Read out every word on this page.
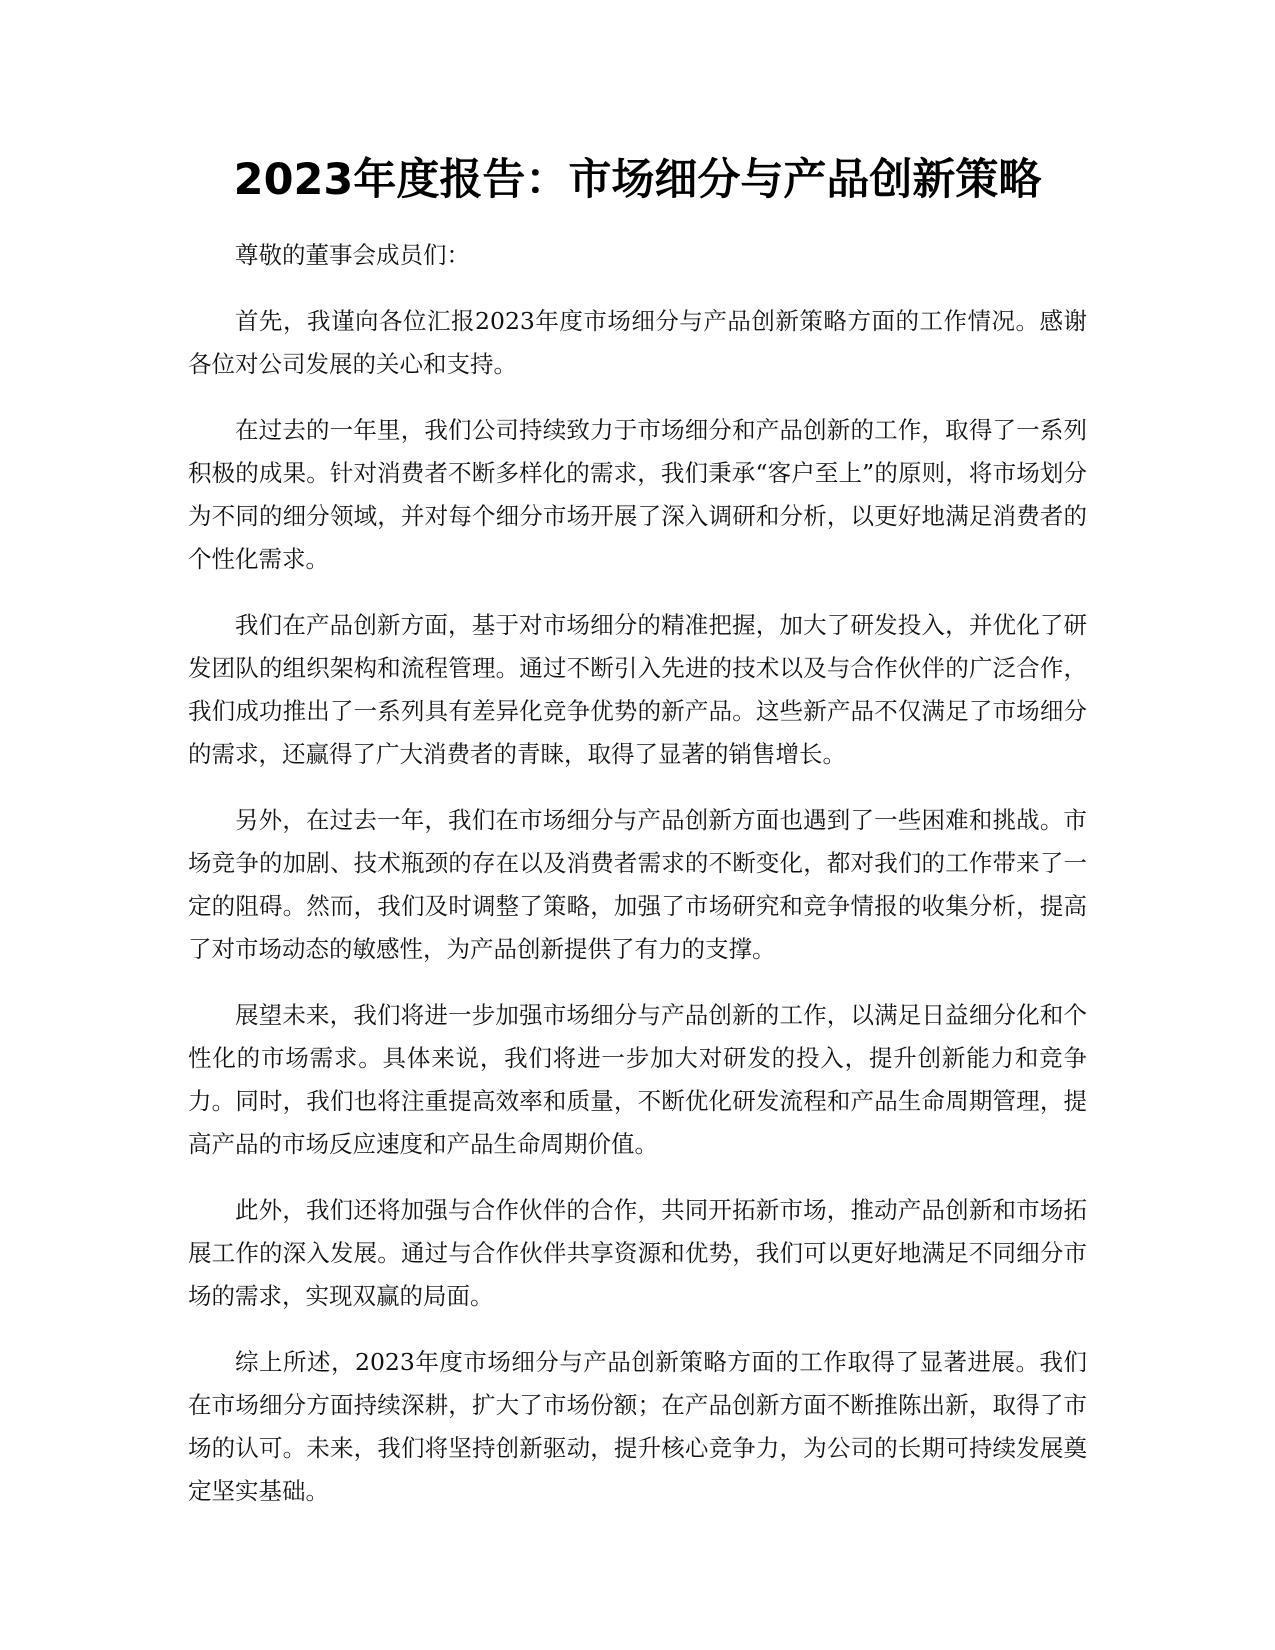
2023年度报告：市场细分与产品创新策略

尊敬的董事会成员们：

首先，我谨向各位汇报2023年度市场细分与产品创新策略方面的工作情况。感谢各位对公司发展的关心和支持。

在过去的一年里，我们公司持续致力于市场细分和产品创新的工作，取得了一系列积极的成果。针对消费者不断多样化的需求，我们秉承“客户至上”的原则，将市场划分为不同的细分领域，并对每个细分市场开展了深入调研和分析，以更好地满足消费者的个性化需求。

我们在产品创新方面，基于对市场细分的精准把握，加大了研发投入，并优化了研发团队的组织架构和流程管理。通过不断引入先进的技术以及与合作伙伴的广泛合作，我们成功推出了一系列具有差异化竞争优势的新产品。这些新产品不仅满足了市场细分的需求，还赢得了广大消费者的青睐，取得了显著的销售增长。

另外，在过去一年，我们在市场细分与产品创新方面也遇到了一些困难和挑战。市场竞争的加剧、技术瓶颈的存在以及消费者需求的不断变化，都对我们的工作带来了一定的阻碍。然而，我们及时调整了策略，加强了市场研究和竞争情报的收集分析，提高了对市场动态的敏感性，为产品创新提供了有力的支撑。

展望未来，我们将进一步加强市场细分与产品创新的工作，以满足日益细分化和个性化的市场需求。具体来说，我们将进一步加大对研发的投入，提升创新能力和竞争力。同时，我们也将注重提高效率和质量，不断优化研发流程和产品生命周期管理，提高产品的市场反应速度和产品生命周期价值。

此外，我们还将加强与合作伙伴的合作，共同开拓新市场，推动产品创新和市场拓展工作的深入发展。通过与合作伙伴共享资源和优势，我们可以更好地满足不同细分市场的需求，实现双赢的局面。

综上所述，2023年度市场细分与产品创新策略方面的工作取得了显著进展。我们在市场细分方面持续深耕，扩大了市场份额；在产品创新方面不断推陈出新，取得了市场的认可。未来，我们将坚持创新驱动，提升核心竞争力，为公司的长期可持续发展奠定坚实基础。
